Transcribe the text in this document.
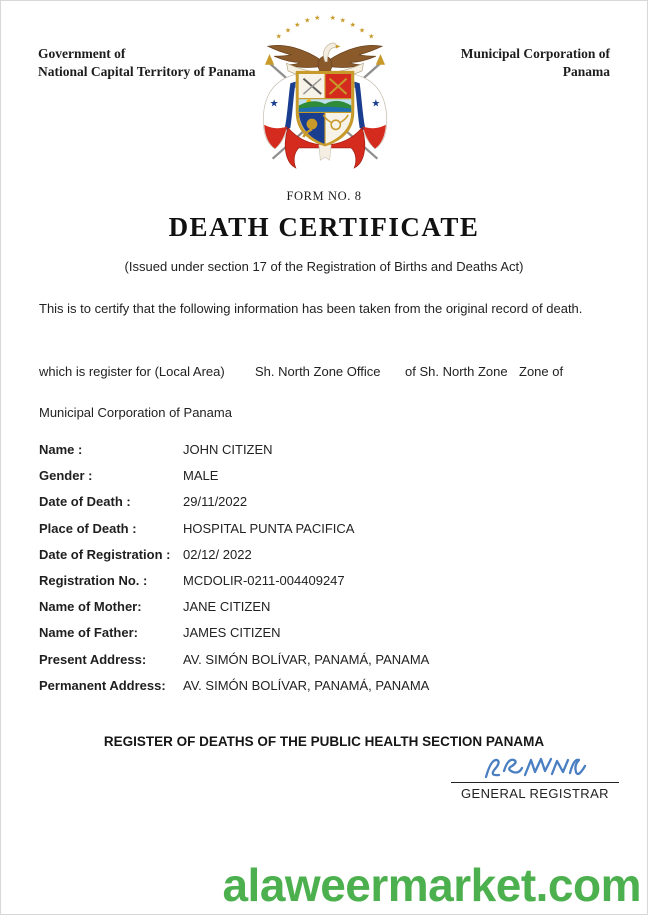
Government of
National Capital Territory of Panama
Municipal Corporation of
Panama
★	★
★
★
★
★ ★ ★ ★
★
★
★
FORM NO. 8
DEATH CERTIFICATE
(Issued under section 17 of the Registration of Births and Deaths Act)
This is to certify that the following information has been taken from the original record of death.
which is register for (Local Area) Sh. North Zone Office of Sh. North Zone Zone of
Municipal Corporation of Panama
Name :	JOHN CITIZEN
Gender :	MALE
Date of Death :	29/11/2022
Place of Death :	HOSPITAL PUNTA PACIFICA
Date of Registration : 02/12/ 2022
Registration No. :	MCDOLIR-0211-004409247
Name of Mother:	JANE CITIZEN
Name of Father:	JAMES CITIZEN
Present Address:	AV. SIMÓN BOLÍVAR, PANAMÁ, PANAMA
Permanent Address:	AV. SIMÓN BOLÍVAR, PANAMÁ, PANAMA
REGISTER OF DEATHS OF THE PUBLIC HEALTH SECTION PANAMA
GENERAL REGISTRAR
alaweermarket.com
